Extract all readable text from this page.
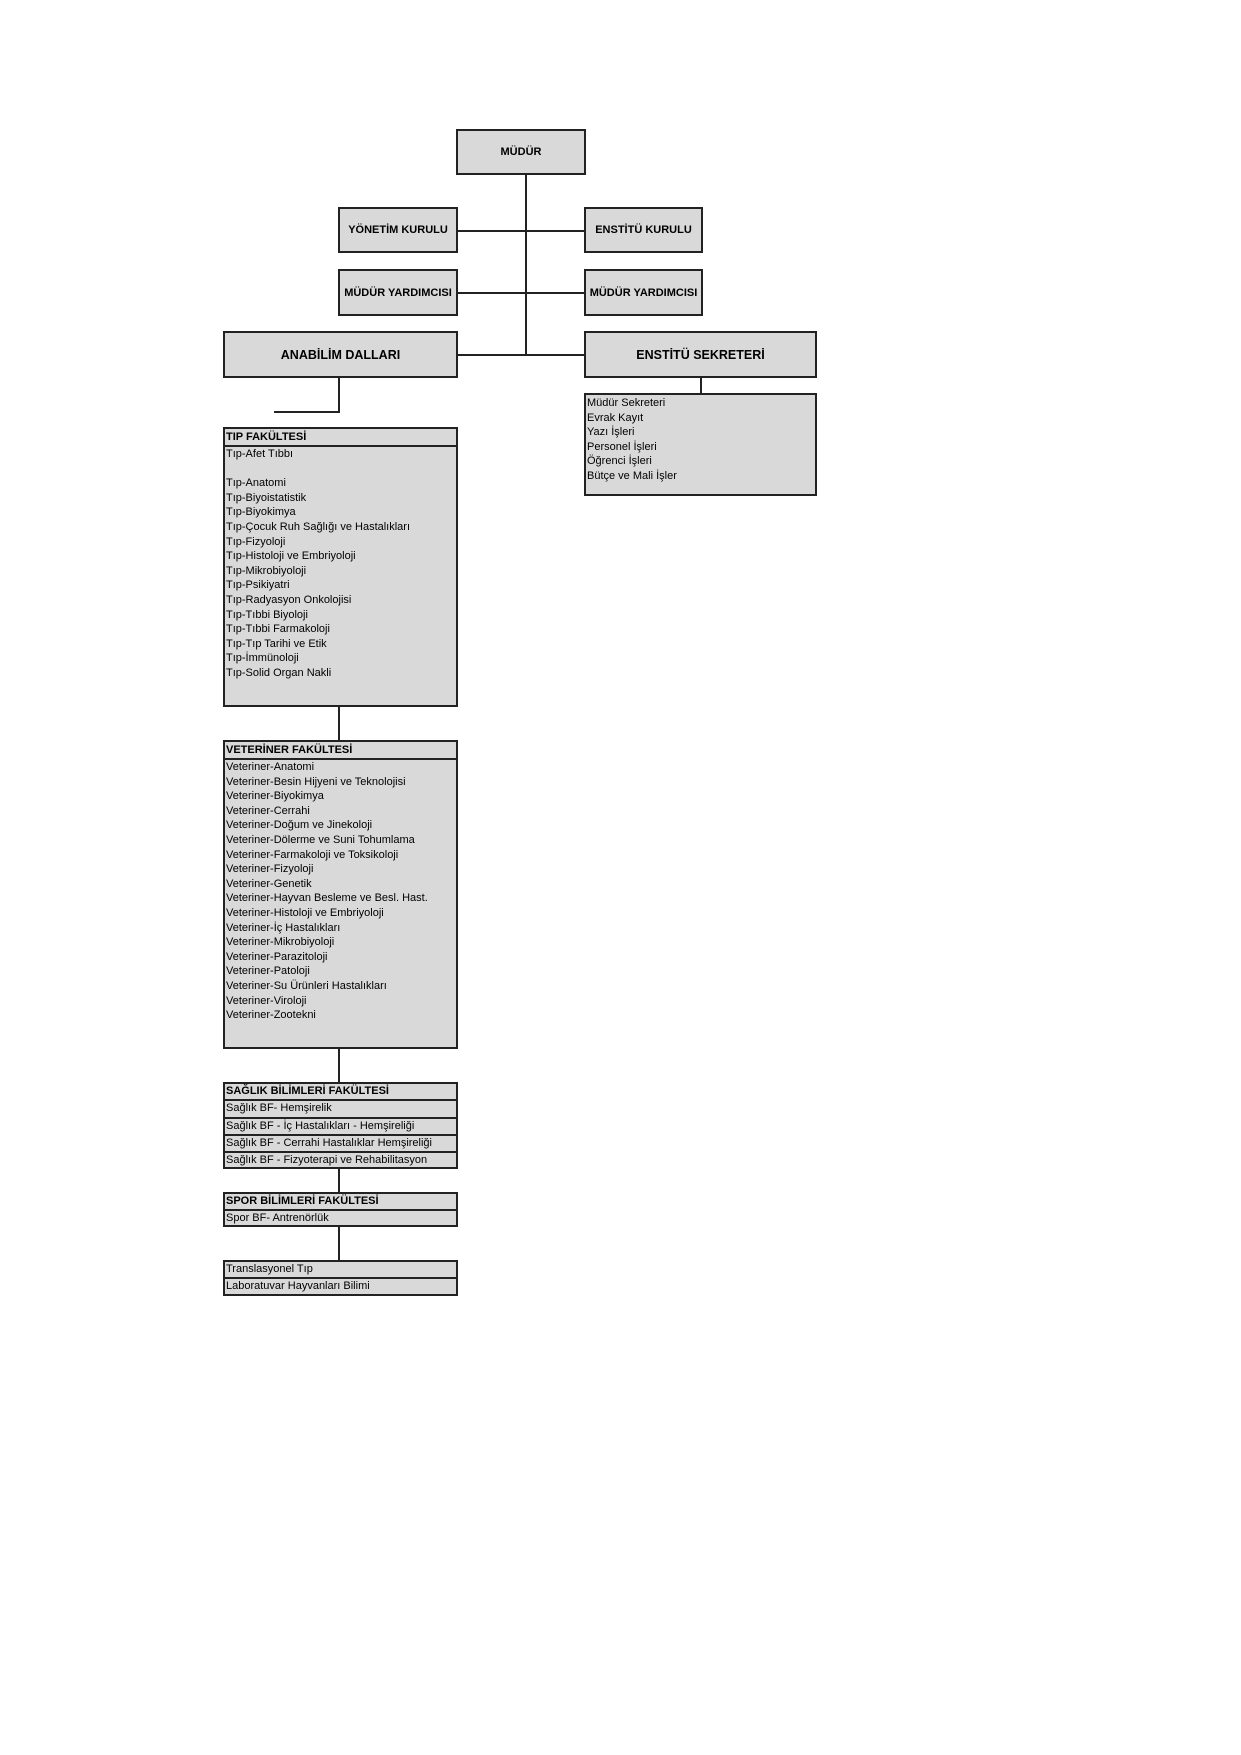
MÜDÜR
YÖNETİM KURULU	ENSTİTÜ KURULU
MÜDÜR YARDIMCISI	MÜDÜR YARDIMCISI
ANABİLİM DALLARI	ENSTİTÜ SEKRETERİ
Müdür Sekreteri
Evrak Kayıt
Yazı İşleri
Personel İşleri
Öğrenci İşleri
Bütçe ve Mali İşler
TIP FAKÜLTESİ
Tıp-Afet Tıbbı
Tıp-Anatomi
Tıp-Biyoistatistik
Tıp-Biyokimya
Tıp-Çocuk Ruh Sağlığı ve Hastalıkları
Tıp-Fizyoloji
Tıp-Histoloji ve Embriyoloji
Tıp-Mikrobiyoloji
Tıp-Psikiyatri
Tıp-Radyasyon Onkolojisi
Tıp-Tıbbi Biyoloji
Tıp-Tıbbi Farmakoloji
Tıp-Tıp Tarihi ve Etik
Tıp-İmmünoloji
Tıp-Solid Organ Nakli
VETERİNER FAKÜLTESİ
Veteriner-Anatomi
Veteriner-Besin Hijyeni ve Teknolojisi
Veteriner-Biyokimya
Veteriner-Cerrahi
Veteriner-Doğum ve Jinekoloji
Veteriner-Dölerme ve Suni Tohumlama
Veteriner-Farmakoloji ve Toksikoloji
Veteriner-Fizyoloji
Veteriner-Genetik
Veteriner-Hayvan Besleme ve Besl. Hast.
Veteriner-Histoloji ve Embriyoloji
Veteriner-İç Hastalıkları
Veteriner-Mikrobiyoloji
Veteriner-Parazitoloji
Veteriner-Patoloji
Veteriner-Su Ürünleri Hastalıkları
Veteriner-Viroloji
Veteriner-Zootekni
SAĞLIK BİLİMLERİ FAKÜLTESİ
Sağlık BF- Hemşirelik
Sağlık BF - İç Hastalıkları - Hemşireliği
Sağlık BF - Cerrahi Hastalıklar Hemşireliği
Sağlık BF - Fizyoterapi ve Rehabilitasyon
SPOR BİLİMLERİ FAKÜLTESİ
Spor BF- Antrenörlük
Translasyonel Tıp
Laboratuvar Hayvanları Bilimi
